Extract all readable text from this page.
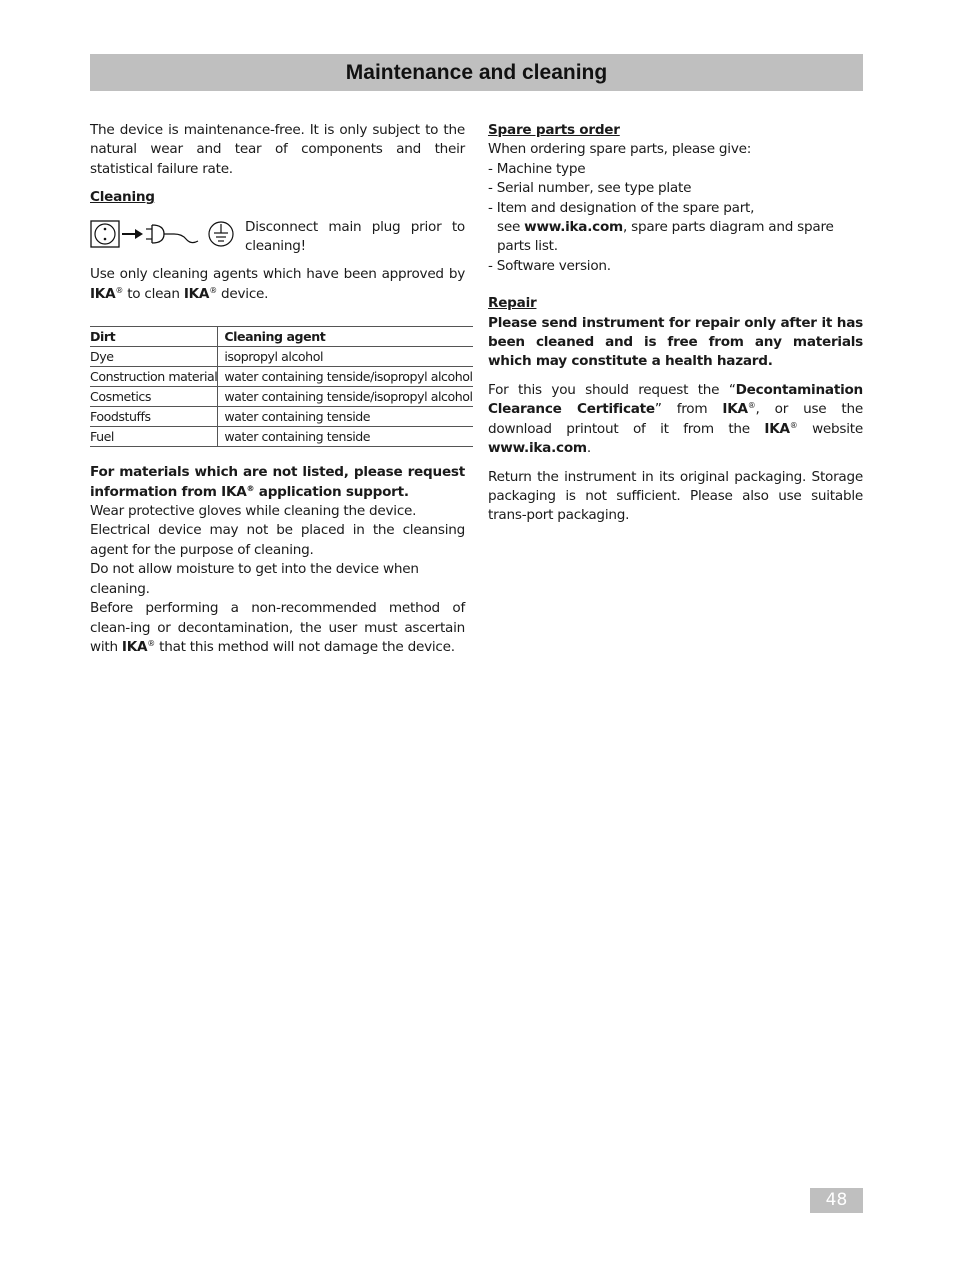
Maintenance and cleaning

The device is maintenance-free. It is only subject to the natural wear and tear of components and their statistical failure rate.

Cleaning

Disconnect main plug prior to cleaning!

Use only cleaning agents which have been approved by IKA® to clean IKA® device.

Dirt	Cleaning agent
Dye	isopropyl alcohol
Construction material	water containing tenside/isopropyl alcohol
Cosmetics	water containing tenside/isopropyl alcohol
Foodstuffs	water containing tenside
Fuel	water containing tenside

For materials which are not listed, please request information from IKA® application support.

Wear protective gloves while cleaning the device.

Electrical device may not be placed in the cleansing agent for the purpose of cleaning.

Do not allow moisture to get into the device when cleaning.

Before performing a non-recommended method of clean-ing or decontamination, the user must ascertain with IKA® that this method will not damage the device.

Spare parts order

When ordering spare parts, please give:

- Machine type
- Serial number, see type plate
- Item and designation of the spare part,
see www.ika.com, spare parts diagram and spare parts list.
- Software version.

Repair

Please send instrument for repair only after it has been cleaned and is free from any materials which may constitute a health hazard.

For this you should request the “Decontamination Clearance Certificate” from IKA®, or use the download printout of it from the IKA® website www.ika.com.

Return the instrument in its original packaging. Storage packaging is not sufficient. Please also use suitable trans-port packaging.

48
